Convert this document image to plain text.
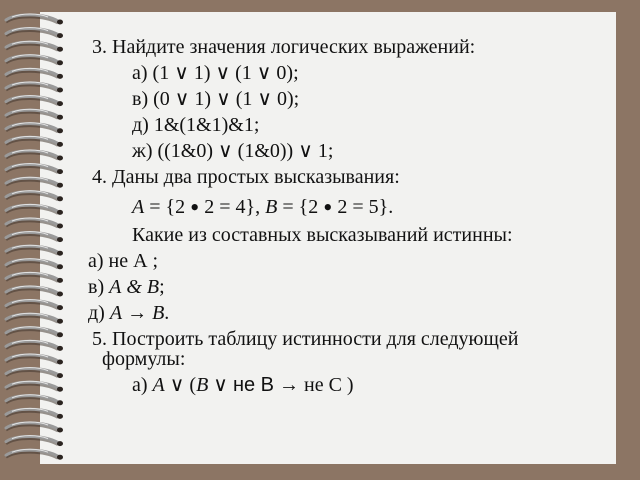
3. Найдите значения логических выражений:
а) (1 ∨ 1) ∨ (1 ∨ 0);
в) (0 ∨ 1) ∨ (1 ∨ 0);
д) 1&(1&1)&1;
ж) ((1&0) ∨ (1&0)) ∨ 1;
4. Даны два простых высказывания:
A = {2 • 2 = 4}, B = {2 • 2 = 5}.
Какие из составных высказываний истинны:
а) не А ;
в) А & В;
д) А → В.
5. Построить таблицу истинности для следующей
формулы:
а) А ∨ (В ∨ не В → не С )
